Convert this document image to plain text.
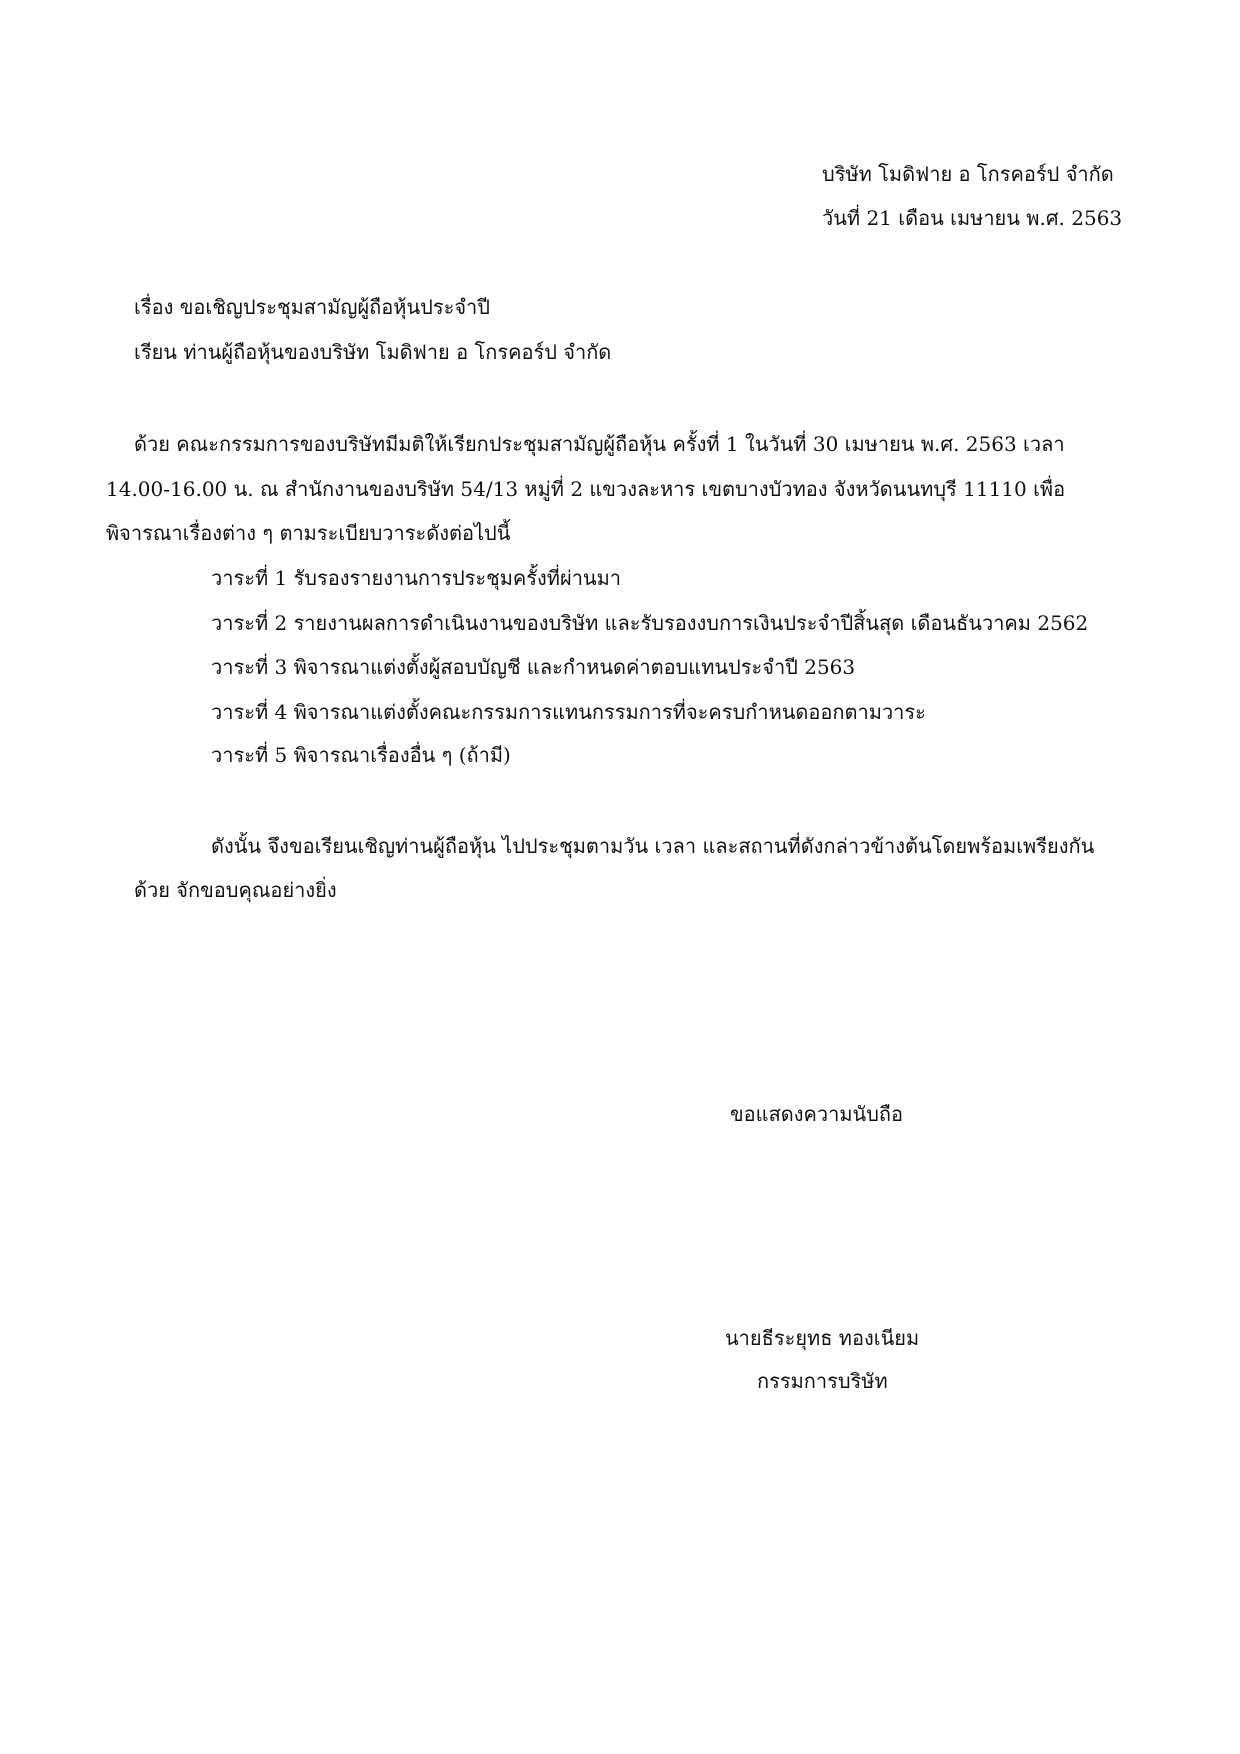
บริษัท โมดิฟาย อ โกรคอร์ป จำกัด
วันที่ 21 เดือน เมษายน พ.ศ. 2563
เรื่อง ขอเชิญประชุมสามัญผู้ถือหุ้นประจำปี
เรียน ท่านผู้ถือหุ้นของบริษัท โมดิฟาย อ โกรคอร์ป จำกัด
ด้วย คณะกรรมการของบริษัทมีมติให้เรียกประชุมสามัญผู้ถือหุ้น ครั้งที่ 1 ในวันที่ 30 เมษายน พ.ศ. 2563 เวลา
14.00-16.00 น. ณ สำนักงานของบริษัท 54/13 หมู่ที่ 2 แขวงละหาร เขตบางบัวทอง จังหวัดนนทบุรี 11110 เพื่อ
พิจารณาเรื่องต่าง ๆ ตามระเบียบวาระดังต่อไปนี้
วาระที่ 1 รับรองรายงานการประชุมครั้งที่ผ่านมา
วาระที่ 2 รายงานผลการดำเนินงานของบริษัท และรับรองงบการเงินประจำปีสิ้นสุด เดือนธันวาคม 2562
วาระที่ 3 พิจารณาแต่งตั้งผู้สอบบัญชี และกำหนดค่าตอบแทนประจำปี 2563
วาระที่ 4 พิจารณาแต่งตั้งคณะกรรมการแทนกรรมการที่จะครบกำหนดออกตามวาระ
วาระที่ 5 พิจารณาเรื่องอื่น ๆ (ถ้ามี)
ดังนั้น จึงขอเรียนเชิญท่านผู้ถือหุ้น ไปประชุมตามวัน เวลา และสถานที่ดังกล่าวข้างต้นโดยพร้อมเพรียงกัน
ด้วย จักขอบคุณอย่างยิ่ง
ขอแสดงความนับถือ
นายธีระยุทธ ทองเนียม
กรรมการบริษัท
